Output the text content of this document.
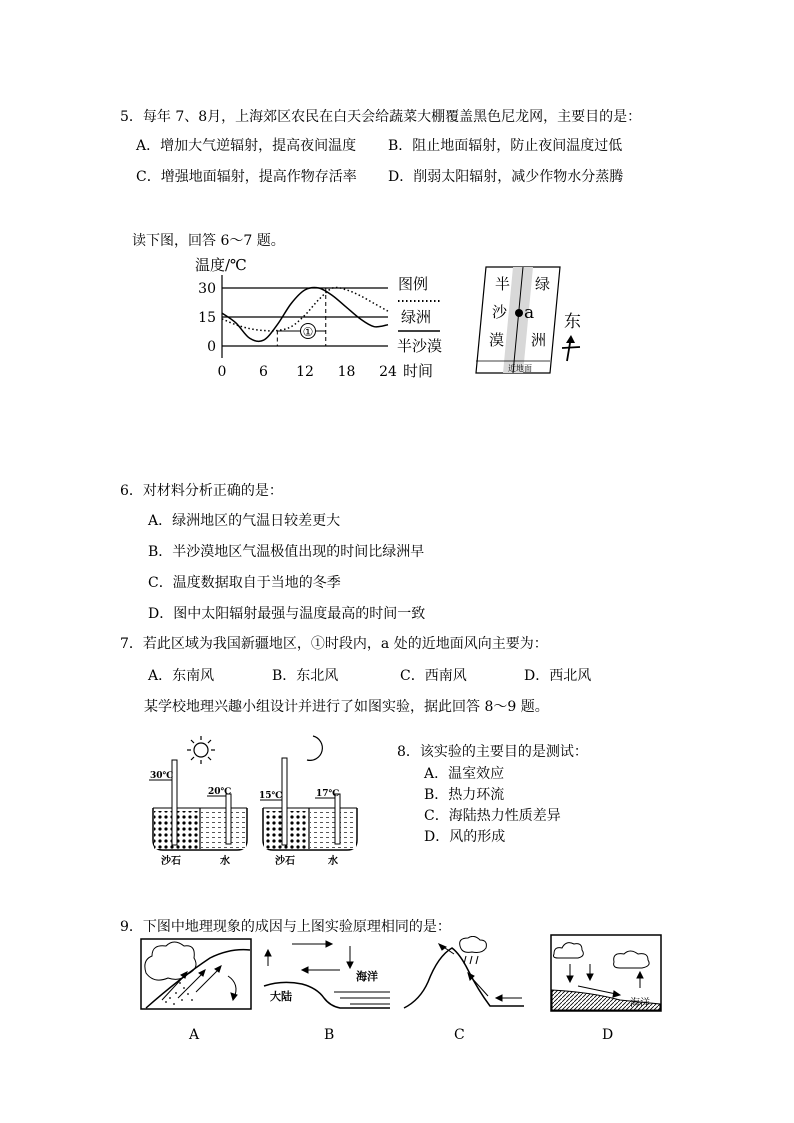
5．每年 7、8月，上海郊区农民在白天会给蔬菜大棚覆盖黑色尼龙网，主要目的是：
A．增加大气逆辐射，提高夜间温度 B．阻止地面辐射，防止夜间温度过低
C．增强地面辐射，提高作物存活率 D．削弱太阳辐射，减少作物水分蒸腾
读下图，回答 6～7 题。
温度/℃
30
15
0
0 6 12 18 24 时间
①
图例
绿洲
半沙漠
半
沙
漠
绿
洲
a
近地面
东
6．对材料分析正确的是：
A．绿洲地区的气温日较差更大
B．半沙漠地区气温极值出现的时间比绿洲早
C．温度数据取自于当地的冬季
D．图中太阳辐射最强与温度最高的时间一致
7．若此区域为我国新疆地区，①时段内，a 处的近地面风向主要为：
A．东南风	B．东北风	C．西南风	D．西北风
某学校地理兴趣小组设计并进行了如图实验，据此回答 8～9 题。
30℃
20℃
沙石	水
15℃	17℃
沙石	水
8．该实验的主要目的是测试：
A．温室效应
B．热力环流
C．海陆热力性质差异
D．风的形成
9．下图中地理现象的成因与上图实验原理相同的是：
A
大陆
海洋
B	C
海洋
D
